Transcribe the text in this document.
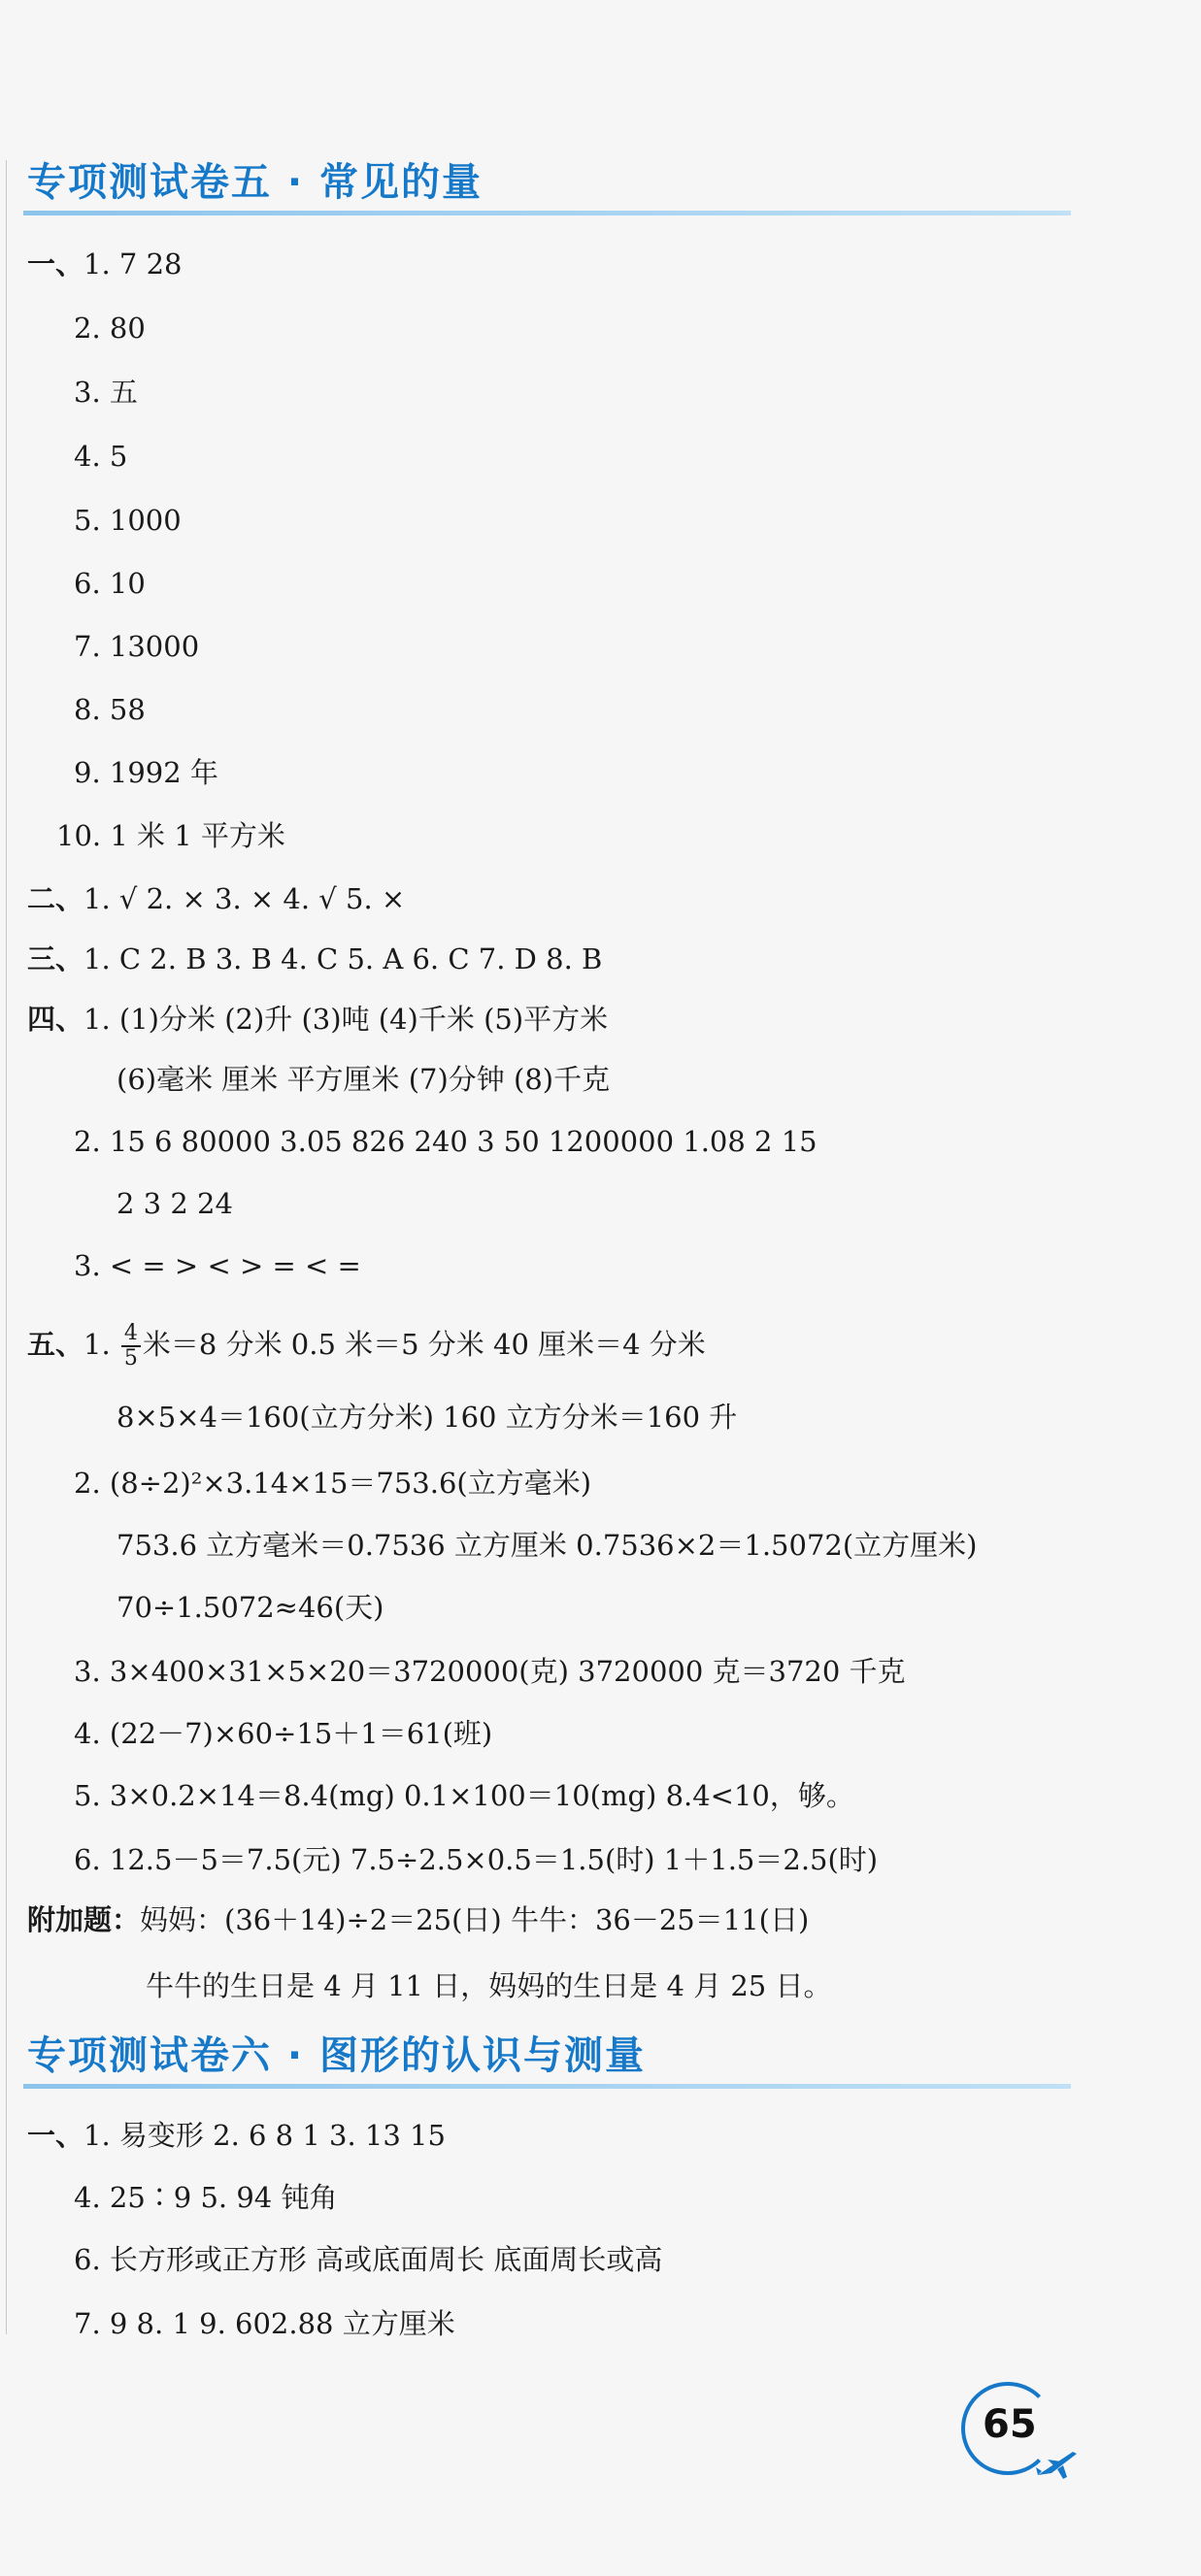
专项测试卷五 · 常见的量
一、1. 7 28
2. 80
3. 五
4. 5
5. 1000
6. 10
7. 13000
8. 58
9. 1992 年
10. 1 米 1 平方米
二、1. √ 2. × 3. × 4. √ 5. ×
三、1. C 2. B 3. B 4. C 5. A 6. C 7. D 8. B
四、1. (1)分米 (2)升 (3)吨 (4)千米 (5)平方米
(6)毫米 厘米 平方厘米 (7)分钟 (8)千克
2. 15 6 80000 3.05 826 240 3 50 1200000 1.08 2 15
2 3 2 24
3. < = > < > = < =
五、1. $\frac{4}{5}$ 米＝8 分米 0.5 米＝5 分米 40 厘米＝4 分米
8×5×4＝160(立方分米) 160 立方分米＝160 升
2. (8÷2)²×3.14×15＝753.6(立方毫米)
753.6 立方毫米＝0.7536 立方厘米 0.7536×2＝1.5072(立方厘米)
70÷1.5072≈46(天)
3. 3×400×31×5×20＝3720000(克) 3720000 克＝3720 千克
4. (22－7)×60÷15＋1＝61(班)
5. 3×0.2×14＝8.4(mg) 0.1×100＝10(mg) 8.4<10，够。
6. 12.5－5＝7.5(元) 7.5÷2.5×0.5＝1.5(时) 1＋1.5＝2.5(时)
附加题：妈妈：(36＋14)÷2＝25(日) 牛牛：36－25＝11(日)
牛牛的生日是 4 月 11 日，妈妈的生日是 4 月 25 日。
专项测试卷六 · 图形的认识与测量
一、1. 易变形 2. 6 8 1 3. 13 15
4. 25∶9 5. 94 钝角
6. 长方形或正方形 高或底面周长 底面周长或高
7. 9 8. 1 9. 602.88 立方厘米
65
